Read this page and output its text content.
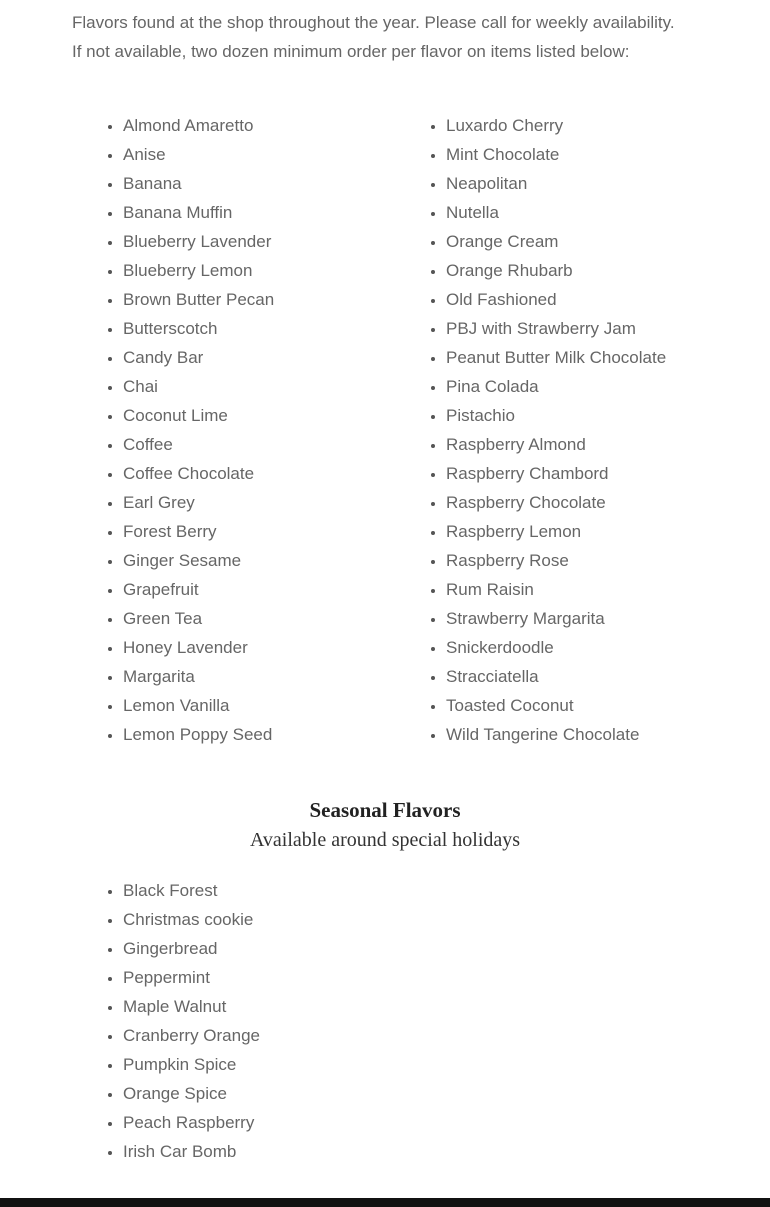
Flavors found at the shop throughout the year. Please call for weekly availability.

If not available, two dozen minimum order per flavor on items listed below:

• Almond Amaretto
• Anise
• Banana
• Banana Muffin
• Blueberry Lavender
• Blueberry Lemon
• Brown Butter Pecan
• Butterscotch
• Candy Bar
• Chai
• Coconut Lime
• Coffee
• Coffee Chocolate
• Earl Grey
• Forest Berry
• Ginger Sesame
• Grapefruit
• Green Tea
• Honey Lavender
• Margarita
• Lemon Vanilla
• Lemon Poppy Seed
• Luxardo Cherry
• Mint Chocolate
• Neapolitan
• Nutella
• Orange Cream
• Orange Rhubarb
• Old Fashioned
• PBJ with Strawberry Jam
• Peanut Butter Milk Chocolate
• Pina Colada
• Pistachio
• Raspberry Almond
• Raspberry Chambord
• Raspberry Chocolate
• Raspberry Lemon
• Raspberry Rose
• Rum Raisin
• Strawberry Margarita
• Snickerdoodle
• Stracciatella
• Toasted Coconut
• Wild Tangerine Chocolate
Seasonal Flavors

Available around special holidays

• Black Forest
• Christmas cookie
• Gingerbread
• Peppermint
• Maple Walnut
• Cranberry Orange
• Pumpkin Spice
• Orange Spice
• Peach Raspberry
• Irish Car Bomb
